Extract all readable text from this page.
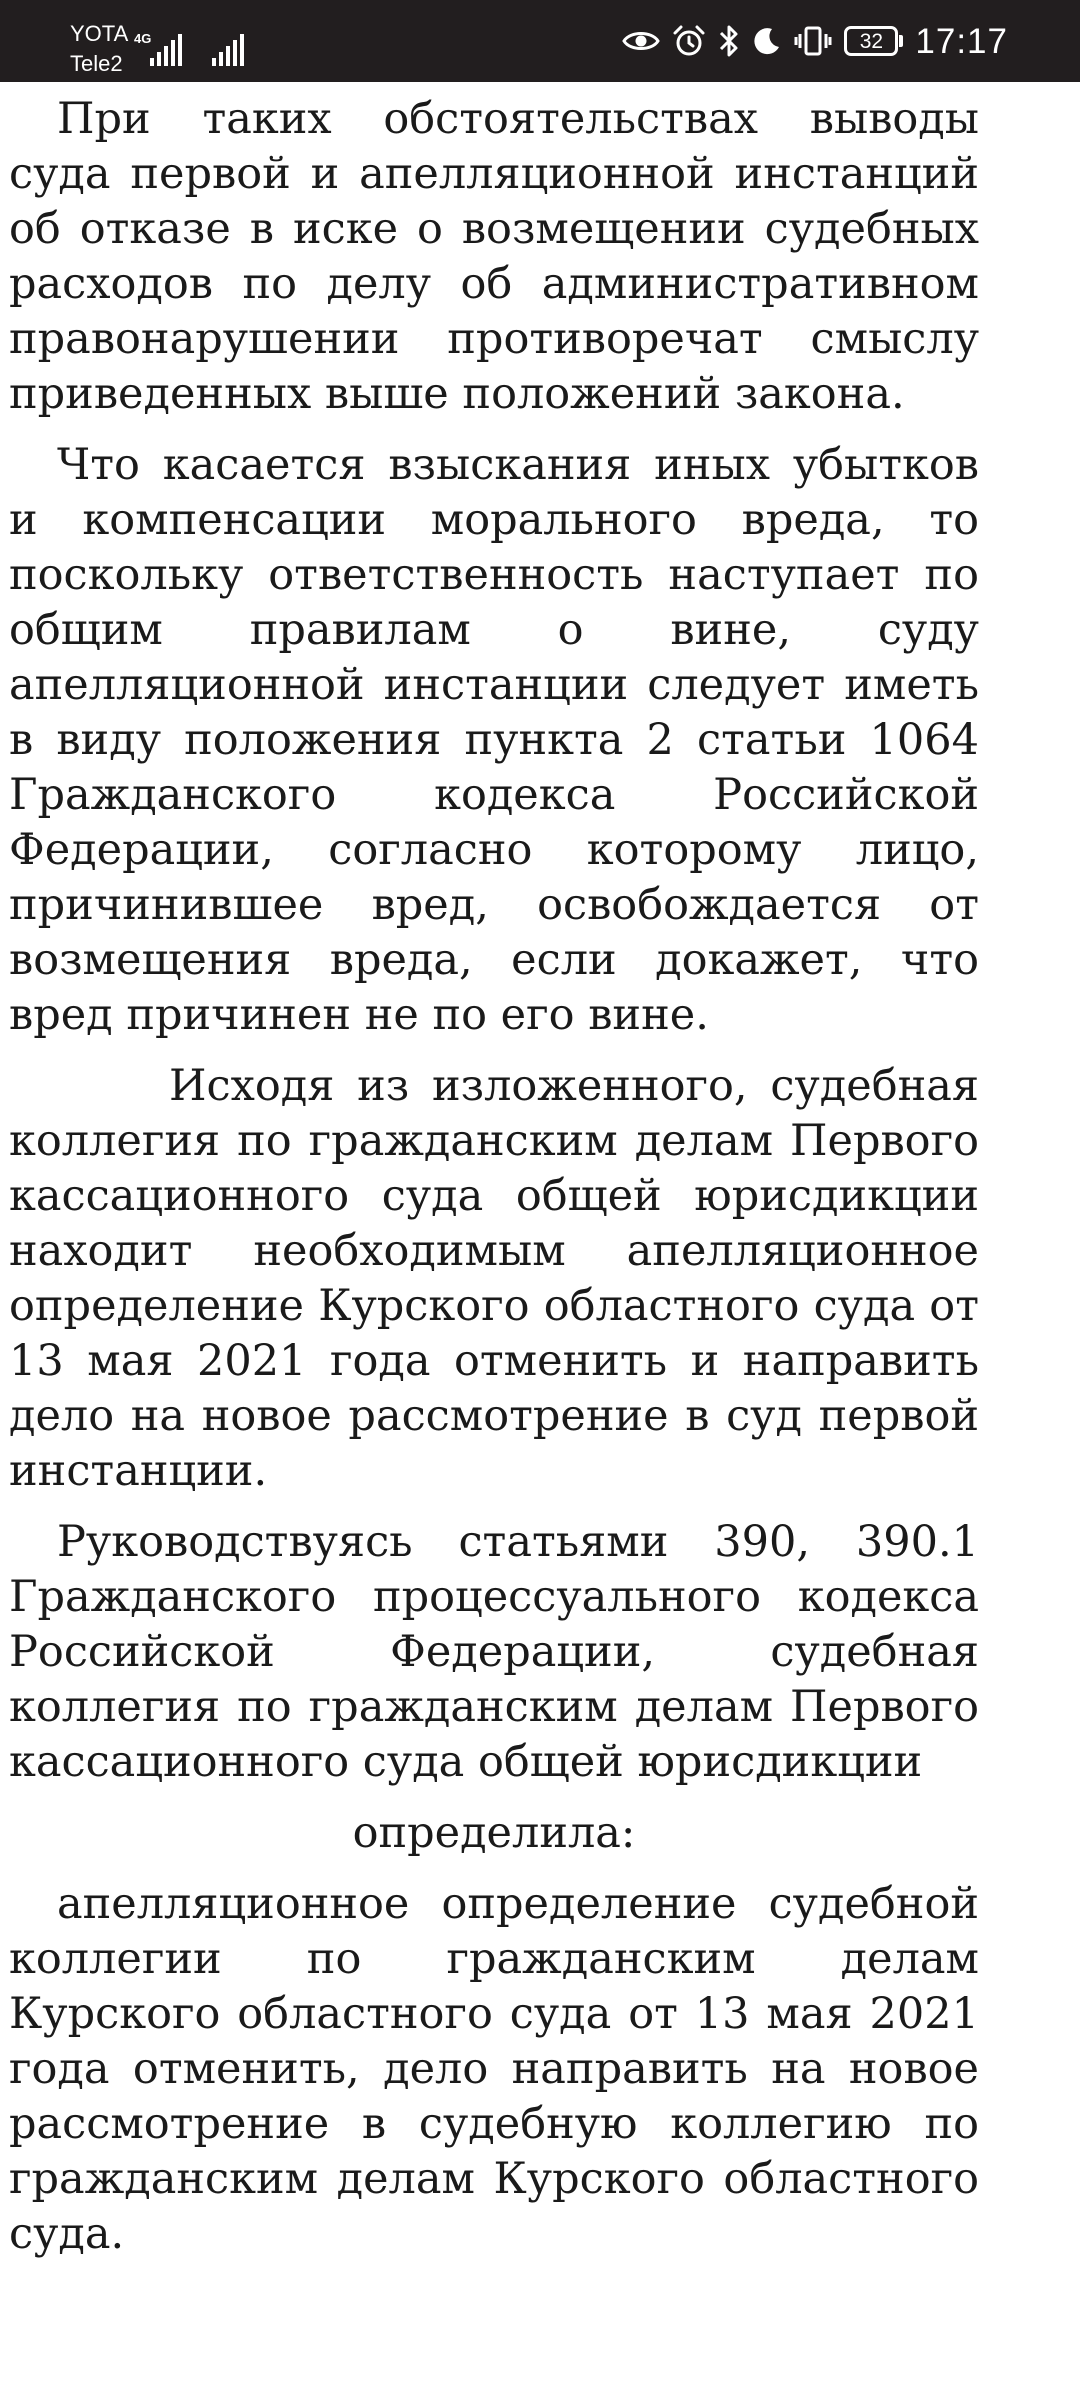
YOTA
Tele2
4G	32 17:17

При таких обстоятельствах выводы суда первой и апелляционной инстанций об отказе в иске о возмещении судебных расходов по делу об административном правонарушении противоречат смыслу приведенных выше положений закона.

Что касается взыскания иных убытков и компенсации морального вреда, то поскольку ответственность наступает по общим правилам о вине, суду апелляционной инстанции следует иметь в виду положения пункта 2 статьи 1064 Гражданского кодекса Российской Федерации, согласно которому лицо, причинившее вред, освобождается от возмещения вреда, если докажет, что вред причинен не по его вине.

Исходя из изложенного, судебная коллегия по гражданским делам Первого кассационного суда общей юрисдикции находит необходимым апелляционное определение Курского областного суда от 13 мая 2021 года отменить и направить дело на новое рассмотрение в суд первой инстанции.

Руководствуясь статьями 390, 390.1 Гражданского процессуального кодекса Российской Федерации, судебная коллегия по гражданским делам Первого кассационного суда общей юрисдикции

определила:

апелляционное определение судебной коллегии по гражданским делам Курского областного суда от 13 мая 2021 года отменить, дело направить на новое рассмотрение в судебную коллегию по гражданским делам Курского областного суда.
